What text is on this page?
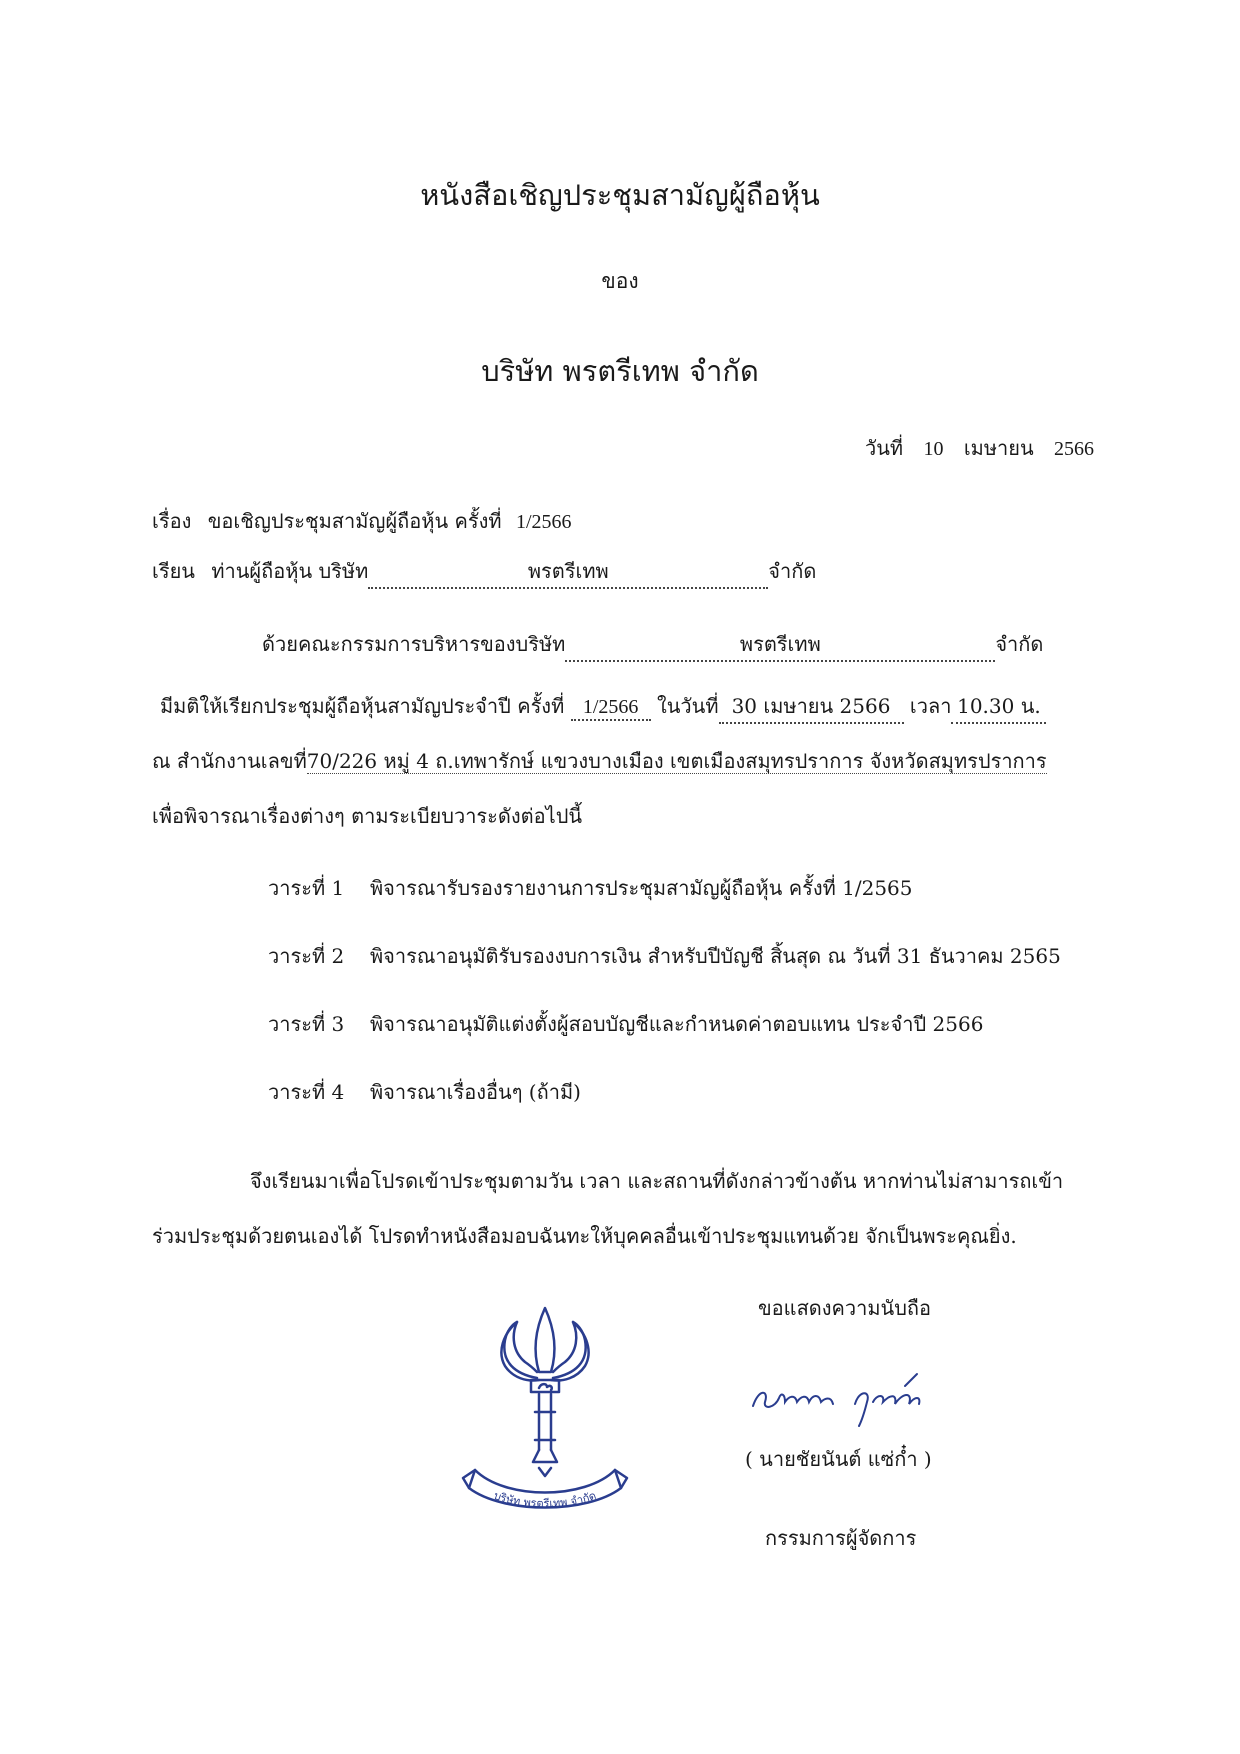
หนังสือเชิญประชุมสามัญผู้ถือหุ้น
ของ
บริษัท พรตรีเทพ จำกัด
วันที่ 10 เมษายน 2566
เรื่อง ขอเชิญประชุมสามัญผู้ถือหุ้น ครั้งที่ 1/2566
เรียน ท่านผู้ถือหุ้น บริษัท	พรตรีเทพ	จำกัด
ด้วยคณะกรรมการบริหารของบริษัท	พรตรีเทพ	จำกัด
มีมติให้เรียกประชุมผู้ถือหุ้นสามัญประจำปี ครั้งที่ 1/2566 ในวันที่ 30 เมษายน 2566 เวลา 10.30 น.
ณ สำนักงานเลขที่70/226 หมู่ 4 ถ.เทพารักษ์ แขวงบางเมือง เขตเมืองสมุทรปราการ จังหวัดสมุทรปราการ
เพื่อพิจารณาเรื่องต่างๆ ตามระเบียบวาระดังต่อไปนี้
วาระที่ 1 พิจารณารับรองรายงานการประชุมสามัญผู้ถือหุ้น ครั้งที่ 1/2565
วาระที่ 2 พิจารณาอนุมัติรับรองงบการเงิน สำหรับปีบัญชี สิ้นสุด ณ วันที่ 31 ธันวาคม 2565
วาระที่ 3 พิจารณาอนุมัติแต่งตั้งผู้สอบบัญชีและกำหนดค่าตอบแทน ประจำปี 2566
วาระที่ 4 พิจารณาเรื่องอื่นๆ (ถ้ามี)
จึงเรียนมาเพื่อโปรดเข้าประชุมตามวัน เวลา และสถานที่ดังกล่าวข้างต้น หากท่านไม่สามารถเข้า
ร่วมประชุมด้วยตนเองได้ โปรดทำหนังสือมอบฉันทะให้บุคคลอื่นเข้าประชุมแทนด้วย จักเป็นพระคุณยิ่ง.
ขอแสดงความนับถือ
( นายชัยนันต์ แซ่ก๋ำ )
กรรมการผู้จัดการ
บริษัท พรตรีเทพ จำกัด
